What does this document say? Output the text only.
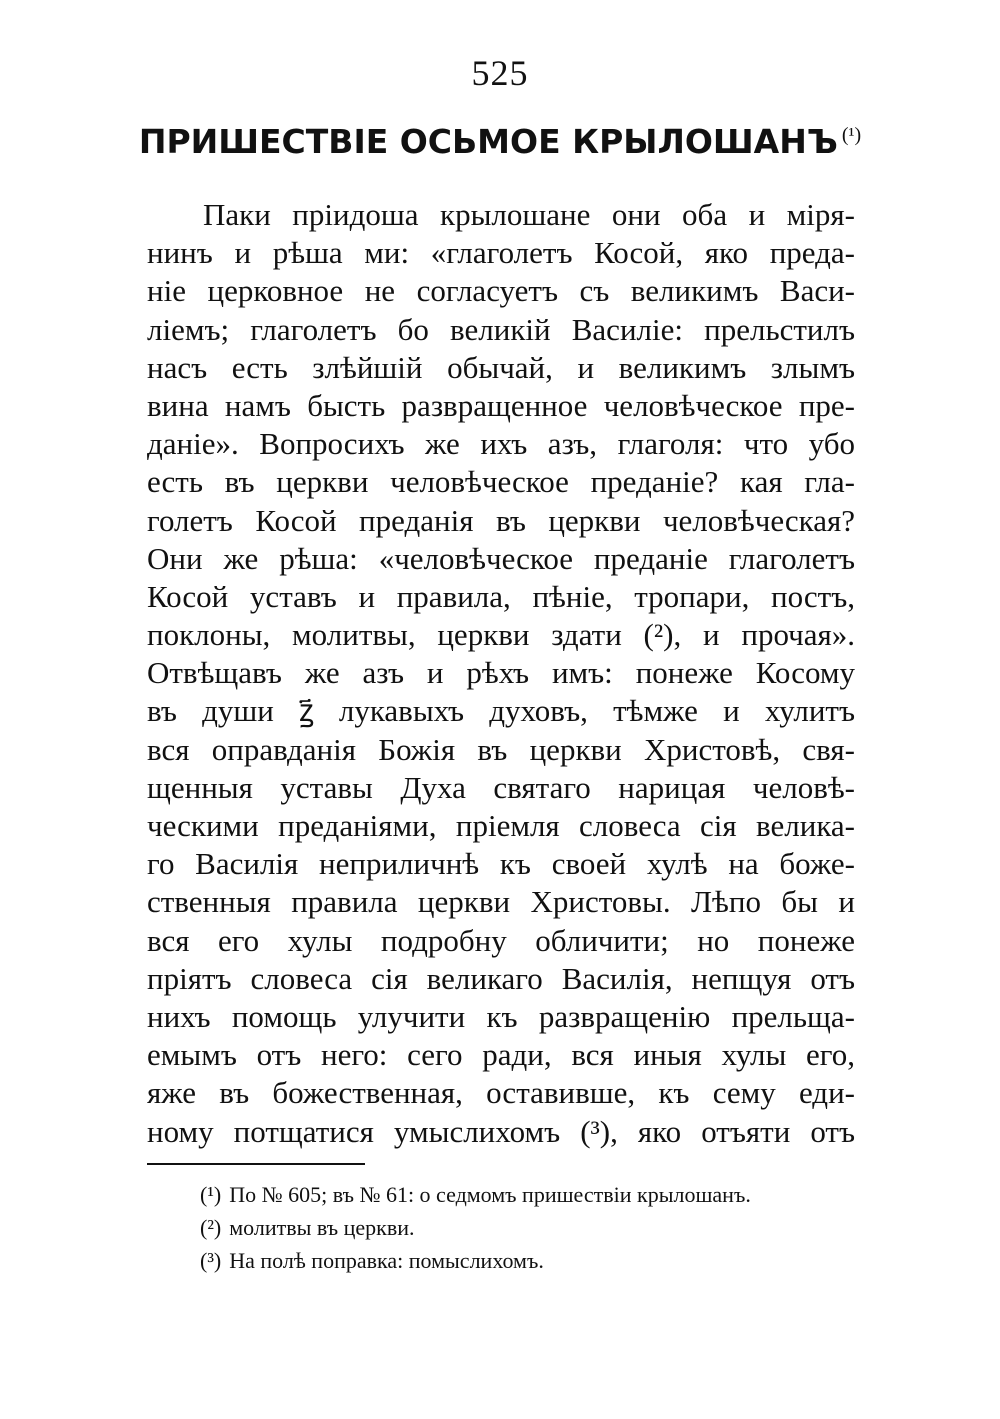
525
ПРИШЕСТВІЕ ОСЬМОЕ КРЫЛОШАНЪ $^{(^1)}$
Паки пріидоша крылошане они оба и міря-
нинъ и рѣша ми: «глаголетъ Косой, яко преда-
ніе церковное не согласуетъ съ великимъ Васи-
ліемъ; глаголетъ бо великій Василіе: прельстилъ
насъ есть злѣйшій обычай, и великимъ злымъ
вина намъ бысть развращенное человѣческое пре-
даніе». Вопросихъ же ихъ азъ, глаголя: что убо
есть въ церкви человѣческое преданіе? кая гла-
голетъ Косой преданія въ церкви человѣческая?
Они же рѣша: «человѣческое преданіе глаголетъ
Косой уставъ и правила, пѣніе, тропари, постъ,
поклоны, молитвы, церкви здати (²), и прочая».
Отвѣщавъ же азъ и рѣхъ имъ: понеже Косому
въ души ꙁ҃ лукавыхъ духовъ, тѣмже и хулитъ
вся оправданія Божія въ церкви Христовѣ, свя-
щенныя уставы Духа святаго нарицая человѣ-
ческими преданіями, пріемля словеса сія велика-
го Василія неприличнѣ къ своей хулѣ на боже-
ственныя правила церкви Христовы. Лѣпо бы и
вся его хулы подробну обличити; но понеже
пріятъ словеса сія великаго Василія, непщуя отъ
нихъ помощь улучити къ развращенію прельща-
емымъ отъ него: сего ради, вся иныя хулы его,
яже въ божественная, оставивше, къ сему еди-
ному потщатися умыслихомъ (³), яко отъяти отъ
(¹) По № 605; въ № 61: о седмомъ пришествіи крылошанъ.
(²) молитвы въ церкви.
(³) На полѣ поправка: помыслихомъ.
